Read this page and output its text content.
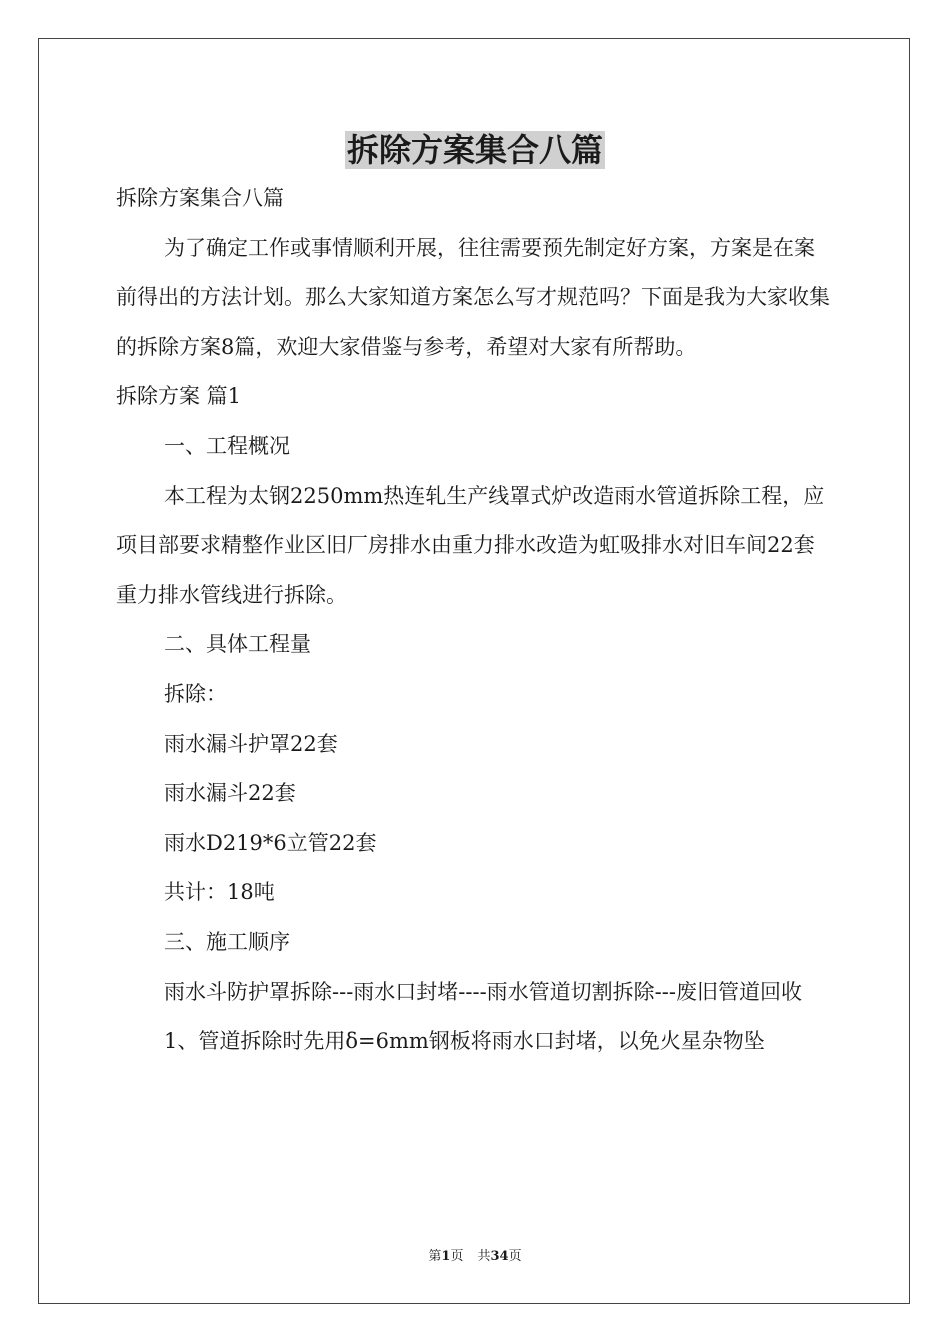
拆除方案集合八篇

拆除方案集合八篇

为了确定工作或事情顺利开展，往往需要预先制定好方案，方案是在案前得出的方法计划。那么大家知道方案怎么写才规范吗？下面是我为大家收集的拆除方案8篇，欢迎大家借鉴与参考，希望对大家有所帮助。

拆除方案 篇1

一、工程概况

本工程为太钢2250mm热连轧生产线罩式炉改造雨水管道拆除工程，应项目部要求精整作业区旧厂房排水由重力排水改造为虹吸排水对旧车间22套重力排水管线进行拆除。

二、具体工程量

拆除：

雨水漏斗护罩22套

雨水漏斗22套

雨水D219*6立管22套

共计：18吨

三、施工顺序

雨水斗防护罩拆除---雨水口封堵----雨水管道切割拆除---废旧管道回收

1、管道拆除时先用δ=6mm钢板将雨水口封堵，以免火星杂物坠

第1页 共34页
